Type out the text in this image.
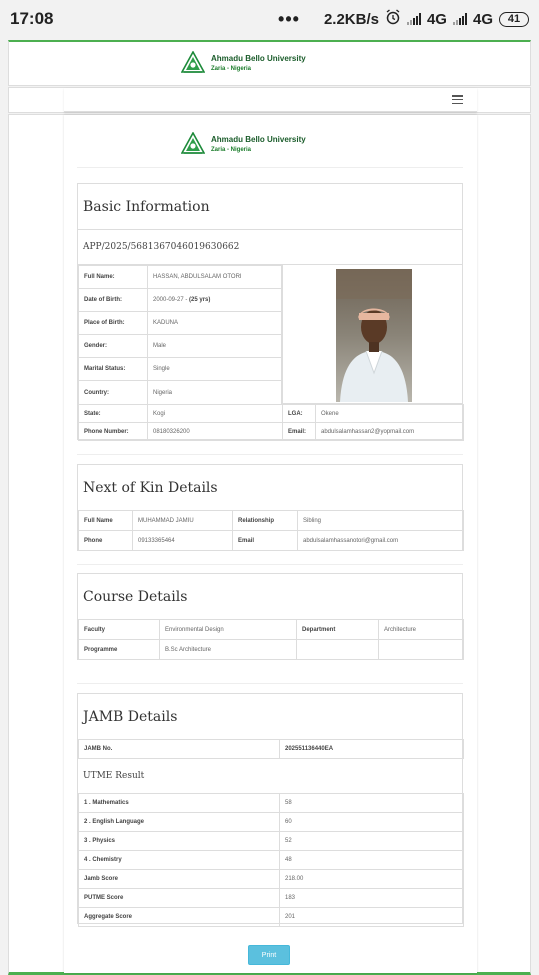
17:08	••• 2.2KB/s	4G 4G 41
Ahmadu Bello University
Zaria - Nigeria
Ahmadu Bello University
Zaria - Nigeria
Basic Information
APP/2025/5681367046019630662
Full Name:	HASSAN, ABDULSALAM OTORI
Date of Birth:	2000-09-27 - (25 yrs)
Place of Birth:	KADUNA
Gender:	Male
Marital Status:	Single
Country:	Nigeria
State:	Kogi	LGA:	Okene
Phone Number:	08180326200	Email:	abdulsalamhassan2@yopmail.com
Next of Kin Details
Full Name	MUHAMMAD JAMIU	Relationship	Sibling
Phone	09133365464	Email	abdulsalamhassanotori@gmail.com
Course Details
Faculty	Environmental Design	Department	Architecture
Programme	B.Sc Architecture		
JAMB Details
JAMB No.	202551136440EA
UTME Result
1 . Mathematics	58
2 . English Language	60
3 . Physics	52
4 . Chemistry	48
Jamb Score	218.00
PUTME Score	183
Aggregate Score	201
Print
